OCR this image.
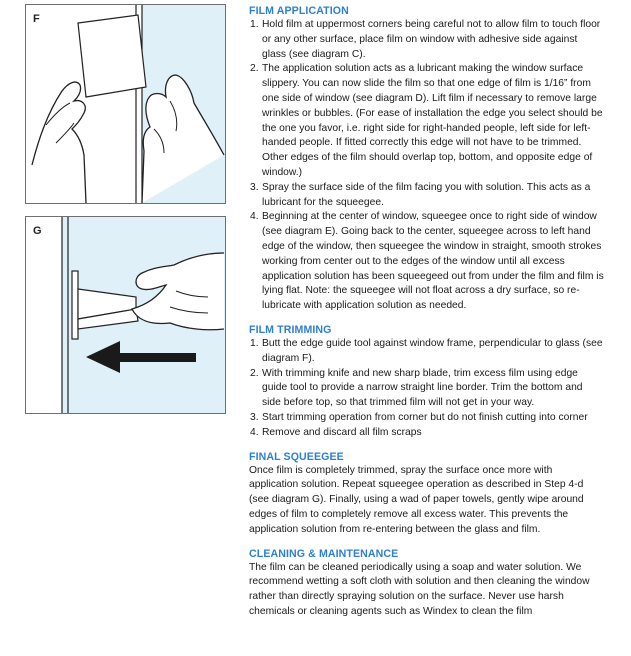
F
G
FILM APPLICATION
1. Hold film at uppermost corners being careful not to allow film to touch floor or any other surface, place film on window with adhesive side against glass (see diagram C).
2. The application solution acts as a lubricant making the window surface slippery. You can now slide the film so that one edge of film is 1/16” from one side of window (see diagram D). Lift film if necessary to remove large wrinkles or bubbles. (For ease of installation the edge you select should be the one you favor, i.e. right side for right-handed people, left side for left-handed people. If fitted correctly this edge will not have to be trimmed. Other edges of the film should overlap top, bottom, and opposite edge of window.)
3. Spray the surface side of the film facing you with solution. This acts as a lubricant for the squeegee.
4. Beginning at the center of window, squeegee once to right side of window (see diagram E). Going back to the center, squeegee across to left hand edge of the window, then squeegee the window in straight, smooth strokes working from center out to the edges of the window until all excess application solution has been squeegeed out from under the film and film is lying flat. Note: the squeegee will not float across a dry surface, so re-lubricate with application solution as needed.
FILM TRIMMING
1. Butt the edge guide tool against window frame, perpendicular to glass (see diagram F).
2. With trimming knife and new sharp blade, trim excess film using edge guide tool to provide a narrow straight line border. Trim the bottom and side before top, so that trimmed film will not get in your way.
3. Start trimming operation from corner but do not finish cutting into corner
4. Remove and discard all film scraps
FINAL SQUEEGEE

Once film is completely trimmed, spray the surface once more with application solution. Repeat squeegee operation as described in Step 4-d (see diagram G). Finally, using a wad of paper towels, gently wipe around edges of film to completely remove all excess water. This prevents the application solution from re-entering between the glass and film.

CLEANING & MAINTENANCE

The film can be cleaned periodically using a soap and water solution. We recommend wetting a soft cloth with solution and then cleaning the window rather than directly spraying solution on the surface. Never use harsh chemicals or cleaning agents such as Windex to clean the film
